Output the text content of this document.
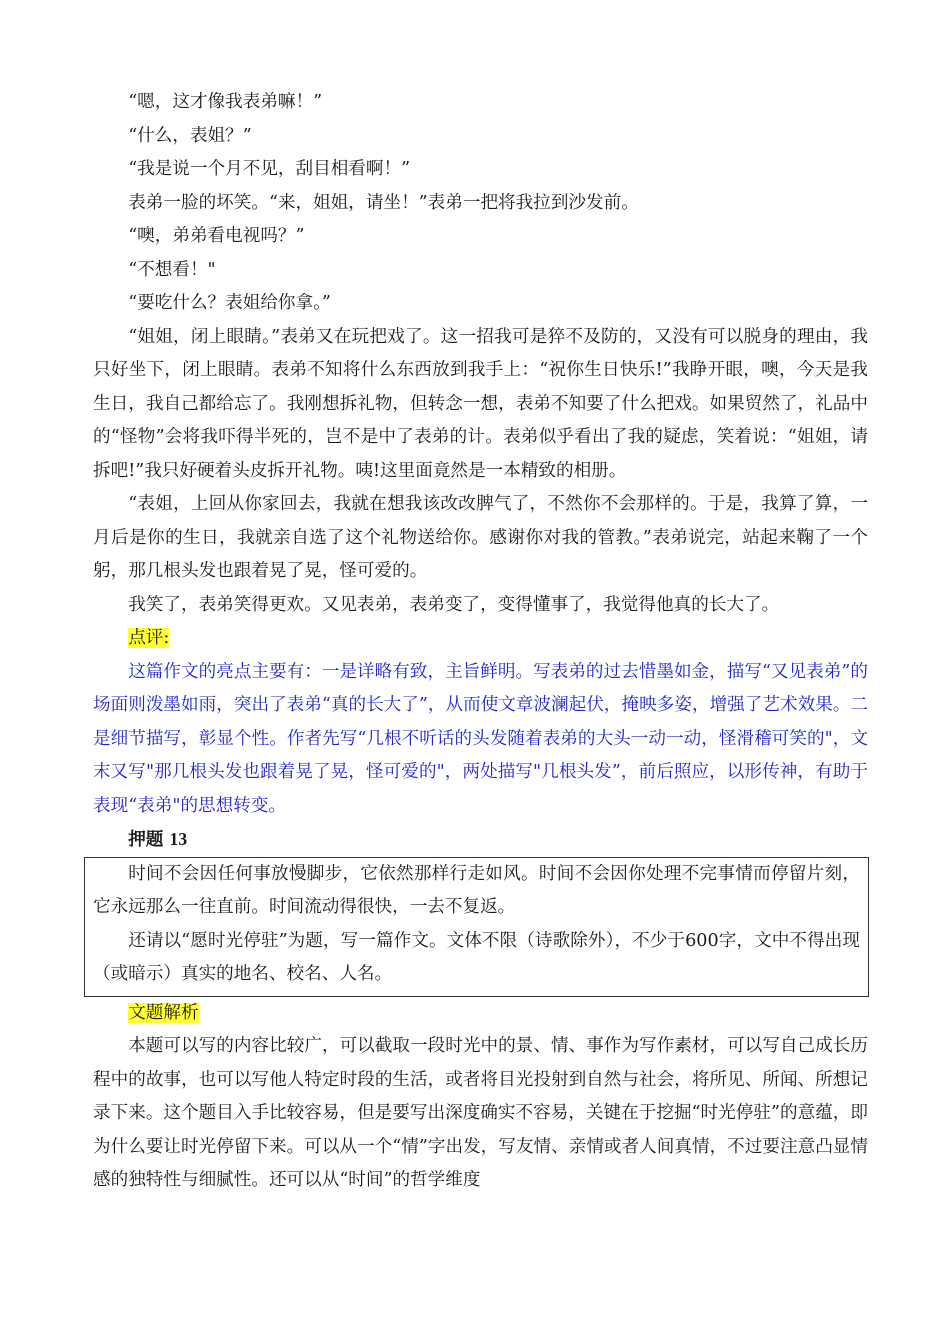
“嗯，这才像我表弟嘛！”

“什么，表姐？”

“我是说一个月不见，刮目相看啊！”

表弟一脸的坏笑。“来，姐姐，请坐！”表弟一把将我拉到沙发前。

“噢，弟弟看电视吗？”

“不想看！"

“要吃什么？表姐给你拿。”

“姐姐，闭上眼睛。”表弟又在玩把戏了。这一招我可是猝不及防的，又没有可以脱身的理由，我只好坐下，闭上眼睛。表弟不知将什么东西放到我手上：“祝你生日快乐!”我睁开眼，噢，今天是我生日，我自己都给忘了。我刚想拆礼物，但转念一想，表弟不知要了什么把戏。如果贸然了，礼品中的“怪物”会将我吓得半死的，岂不是中了表弟的计。表弟似乎看出了我的疑虑，笑着说：“姐姐，请拆吧!”我只好硬着头皮拆开礼物。咦!这里面竟然是一本精致的相册。

“表姐，上回从你家回去，我就在想我该改改脾气了，不然你不会那样的。于是，我算了算，一月后是你的生日，我就亲自选了这个礼物送给你。感谢你对我的管教。”表弟说完，站起来鞠了一个躬，那几根头发也跟着晃了晃，怪可爱的。

我笑了，表弟笑得更欢。又见表弟，表弟变了，变得懂事了，我觉得他真的长大了。

点评:

这篇作文的亮点主要有：一是详略有致，主旨鲜明。写表弟的过去惜墨如金，描写“又见表弟”的场面则泼墨如雨，突出了表弟“真的长大了”，从而使文章波澜起伏，掩映多姿，增强了艺术效果。二是细节描写，彰显个性。作者先写“几根不听话的头发随着表弟的大头一动一动，怪滑稽可笑的"，文末又写"那几根头发也跟着晃了晃，怪可爱的"，两处描写"几根头发”，前后照应，以形传神，有助于表现“表弟"的思想转变。

押题 13

时间不会因任何事放慢脚步，它依然那样行走如风。时间不会因你处理不完事情而停留片刻，它永远那么一往直前。时间流动得很快，一去不复返。

还请以“愿时光停驻”为题，写一篇作文。文体不限（诗歌除外），不少于600字，文中不得出现（或暗示）真实的地名、校名、人名。

文题解析

本题可以写的内容比较广，可以截取一段时光中的景、情、事作为写作素材，可以写自己成长历程中的故事，也可以写他人特定时段的生活，或者将目光投射到自然与社会，将所见、所闻、所想记录下来。这个题目入手比较容易，但是要写出深度确实不容易，关键在于挖掘“时光停驻”的意蕴，即为什么要让时光停留下来。可以从一个“情”字出发，写友情、亲情或者人间真情，不过要注意凸显情感的独特性与细腻性。还可以从“时间”的哲学维度
